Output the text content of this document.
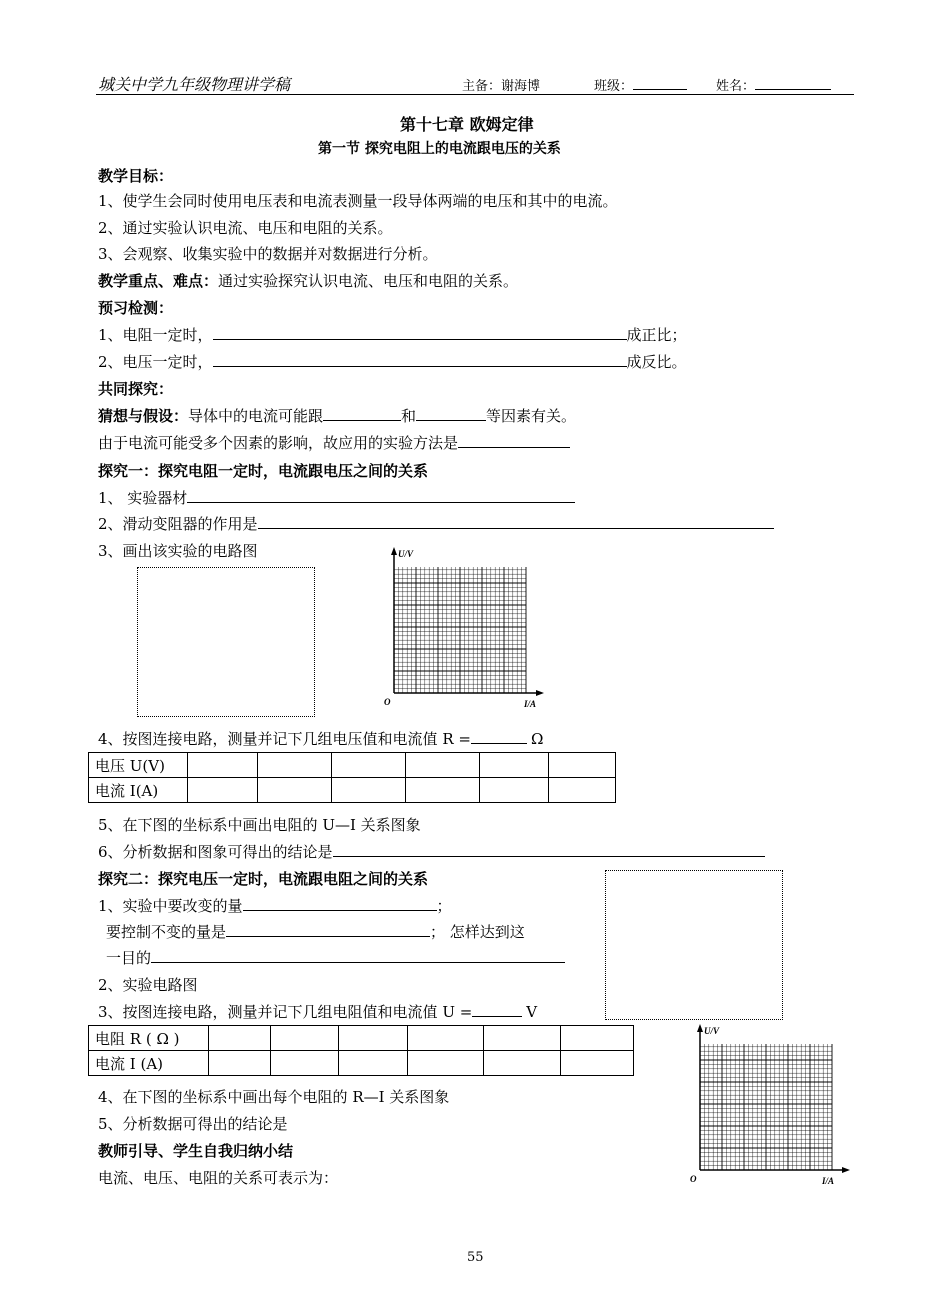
城关中学九年级物理讲学稿	主备：谢海博	班级：	姓名：
第十七章 欧姆定律
第一节 探究电阻上的电流跟电压的关系
教学目标：
1、使学生会同时使用电压表和电流表测量一段导体两端的电压和其中的电流。
2、通过实验认识电流、电压和电阻的关系。
3、会观察、收集实验中的数据并对数据进行分析。
教学重点、难点：通过实验探究认识电流、电压和电阻的关系。
预习检测：
1、电阻一定时，	成正比；
2、电压一定时，	成反比。
共同探究：
猜想与假设：导体中的电流可能跟	和	等因素有关。
由于电流可能受多个因素的影响，故应用的实验方法是
探究一：探究电阻一定时，电流跟电压之间的关系
1、 实验器材
2、滑动变阻器的作用是
3、画出该实验的电路图	U/V
I/A
O
4、按图连接电路，测量并记下几组电压值和电流值 R =	Ω
电压 U(V)						
电流 I(A)						
5、在下图的坐标系中画出电阻的 U—I 关系图象
6、分析数据和图象可得出的结论是
探究二：探究电压一定时，电流跟电阻之间的关系
1、实验中要改变的量	；
要控制不变的量是	； 怎样达到这
一目的
2、实验电路图
3、按图连接电路，测量并记下几组电阻值和电流值 U =	V
电阻 R ( Ω )						
电流 I (A)						
U/V
I/A
O
4、在下图的坐标系中画出每个电阻的 R—I 关系图象
5、分析数据可得出的结论是
教师引导、学生自我归纳小结
电流、电压、电阻的关系可表示为：
55
